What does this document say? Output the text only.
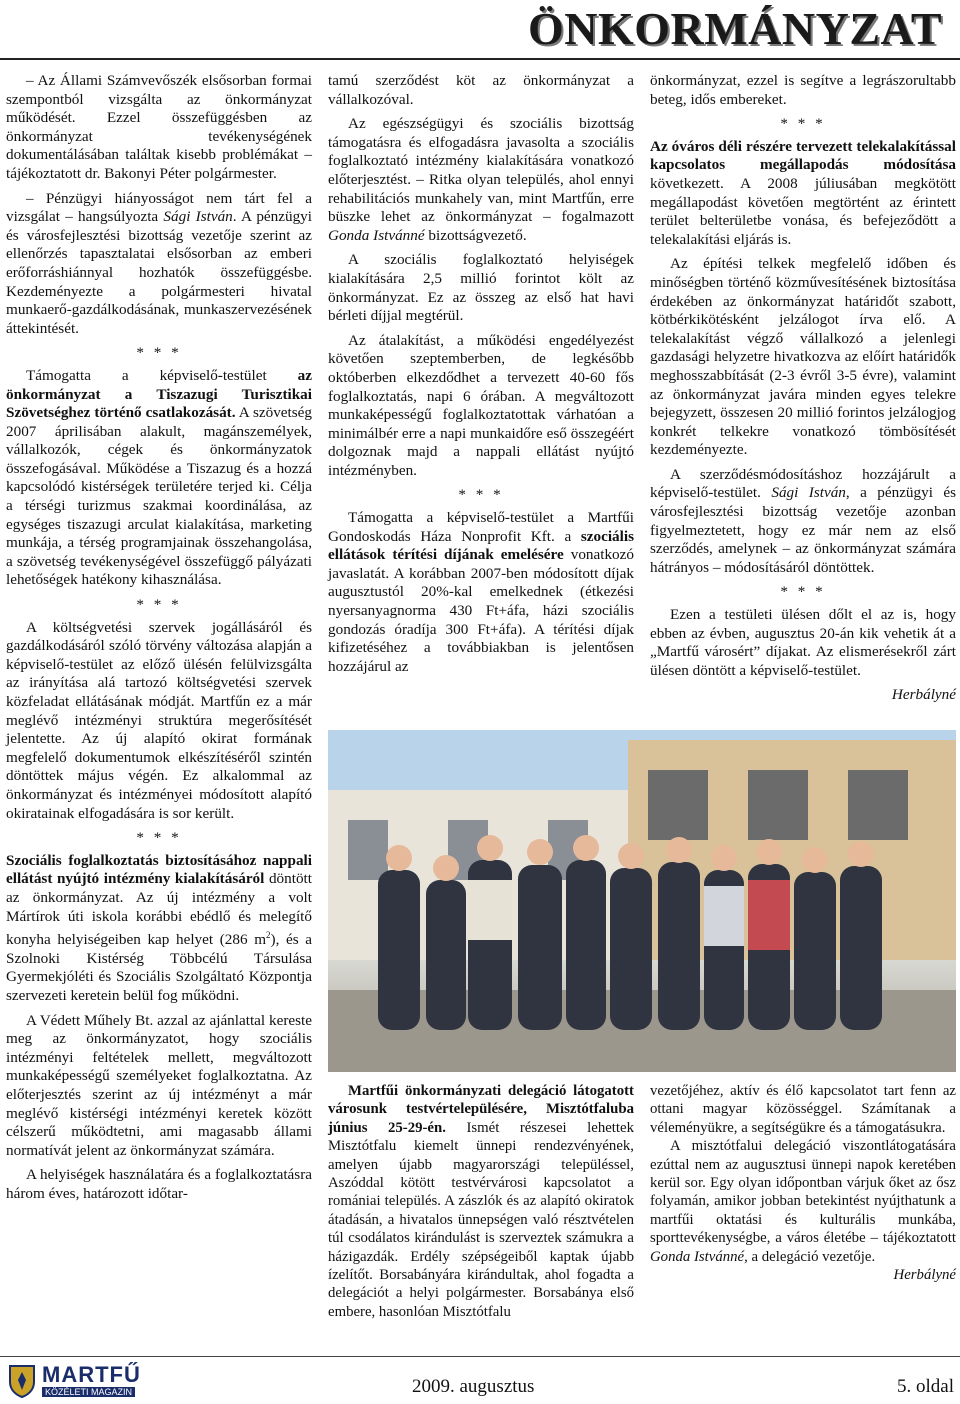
ÖNKORMÁNYZAT

– Az Állami Számvevőszék elsősorban formai szempontból vizsgálta az önkormányzat működését. Ezzel összefüggésben az önkormányzat tevékenységének dokumentálásában találtak kisebb problémákat – tájékoztatott dr. Bakonyi Péter polgármester.

– Pénzügyi hiányosságot nem tárt fel a vizsgálat – hangsúlyozta Sági István. A pénzügyi és városfejlesztési bizottság vezetője szerint az ellenőrzés tapasztalatai elsősorban az emberi erőforráshiánnyal hozhatók összefüggésbe. Kezdeményezte a polgármesteri hivatal munkaerő-gazdálkodásának, munkaszervezésének áttekintését.

* * *

Támogatta a képviselő-testület az önkormányzat a Tiszazugi Turisztikai Szövetséghez történő csatlakozását. A szövetség 2007 áprilisában alakult, magánszemélyek, vállalkozók, cégek és önkormányzatok összefogásával. Működése a Tiszazug és a hozzá kapcsolódó kistérségek területére terjed ki. Célja a térségi turizmus szakmai koordinálása, az egységes tiszazugi arculat kialakítása, marketing munkája, a térség programjainak összehangolása, a szövetség tevékenységével összefüggő pályázati lehetőségek hatékony kihasználása.

* * *

A költségvetési szervek jogállásáról és gazdálkodásáról szóló törvény változása alapján a képviselő-testület az előző ülésén felülvizsgálta az irányítása alá tartozó költségvetési szervek közfeladat ellátásának módját. Martfűn ez a már meglévő intézményi struktúra megerősítését jelentette. Az új alapító okirat formának megfelelő dokumentumok elkészítéséről szintén döntöttek május végén. Ez alkalommal az önkormányzat és intézményei módosított alapító okiratainak elfogadására is sor került.

* * *

Szociális foglalkoztatás biztosításához nappali ellátást nyújtó intézmény kialakításáról döntött az önkormányzat. Az új intézmény a volt Mártírok úti iskola korábbi ebédlő és melegítő konyha helyiségeiben kap helyet (286 $m^2$), és a Szolnoki Kistérség Többcélú Társulása Gyermekjóléti és Szociális Szolgáltató Központja szervezeti keretein belül fog működni.

A Védett Műhely Bt. azzal az ajánlattal kereste meg az önkormányzatot, hogy szociális intézményi feltételek mellett, megváltozott munkaképességű személyeket foglalkoztatna. Az előterjesztés szerint az új intézményt a már meglévő kistérségi intézményi keretek között célszerű működtetni, ami magasabb állami normatívát jelent az önkormányzat számára.

A helyiségek használatára és a foglalkoztatásra három éves, határozott időtar-

tamú szerződést köt az önkormányzat a vállalkozóval.

Az egészségügyi és szociális bizottság támogatásra és elfogadásra javasolta a szociális foglalkoztató intézmény kialakítására vonatkozó előterjesztést. – Ritka olyan település, ahol ennyi rehabilitációs munkahely van, mint Martfűn, erre büszke lehet az önkormányzat – fogalmazott Gonda Istvánné bizottságvezető.

A szociális foglalkoztató helyiségek kialakítására 2,5 millió forintot költ az önkormányzat. Ez az összeg az első hat havi bérleti díjjal megtérül.

Az átalakítást, a működési engedélyezést követően szeptemberben, de legkésőbb októberben elkezdődhet a tervezett 40-60 fős foglalkoztatás, napi 6 órában. A megváltozott munkaképességű foglalkoztatottak várhatóan a minimálbér erre a napi munkaidőre eső összegéért dolgoznak majd a nappali ellátást nyújtó intézményben.

* * *

Támogatta a képviselő-testület a Martfűi Gondoskodás Háza Nonprofit Kft. a szociális ellátások térítési díjának emelésére vonatkozó javaslatát. A korábban 2007-ben módosított díjak augusztustól 20%-kal emelkednek (étkezési nyersanyagnorma 430 Ft+áfa, házi szociális gondozás óradíja 300 Ft+áfa). A térítési díjak kifizetéséhez a továbbiakban is jelentősen hozzájárul az

önkormányzat, ezzel is segítve a legrászorultabb beteg, idős embereket.

* * *

Az óváros déli részére tervezett telekalakítással kapcsolatos megállapodás módosítása következett. A 2008 júliusában megkötött megállapodást követően megtörtént az érintett terület belterületbe vonása, és befejeződött a telekalakítási eljárás is.

Az építési telkek megfelelő időben és minőségben történő közművesítésének biztosítása érdekében az önkormányzat határidőt szabott, kötbérkikötésként jelzálogot írva elő. A telekalakítást végző vállalkozó a jelenlegi gazdasági helyzetre hivatkozva az előírt határidők meghosszabbítását (2-3 évről 3-5 évre), valamint az önkormányzat javára minden egyes telekre bejegyzett, összesen 20 millió forintos jelzálogjog konkrét telkekre vonatkozó tömbösítését kezdeményezte.

A szerződésmódosításhoz hozzájárult a képviselő-testület. Sági István, a pénzügyi és városfejlesztési bizottság vezetője azonban figyelmeztetett, hogy ez már nem az első szerződés, amelynek – az önkormányzat számára hátrányos – módosításáról döntöttek.

* * *

Ezen a testületi ülésen dőlt el az is, hogy ebben az évben, augusztus 20-án kik vehetik át a „Martfű városért” díjakat. Az elismerésekről zárt ülésen döntött a képviselő-testület.

Herbályné

Martfűi önkormányzati delegáció látogatott városunk testvértelepülésére, Misztótfaluba június 25-29-én. Ismét részesei lehettek Misztótfalu kiemelt ünnepi rendezvényének, amelyen újabb magyarországi településsel, Aszóddal kötött testvérvárosi kapcsolatot a romániai település. A zászlók és az alapító okiratok átadásán, a hivatalos ünnepségen való résztvételen túl csodálatos kirándulást is szerveztek számukra a házigazdák. Erdély szépségeiből kaptak újabb ízelítőt. Borsabányára kirándultak, ahol fogadta a delegációt a helyi polgármester. Borsabánya első embere, hasonlóan Misztótfalu

vezetőjéhez, aktív és élő kapcsolatot tart fenn az ottani magyar közösséggel. Számítanak a véleményükre, a segítségükre és a támogatásukra.

A misztótfalui delegáció viszontlátogatására ezúttal nem az augusztusi ünnepi napok keretében kerül sor. Egy olyan időpontban várjuk őket az ősz folyamán, amikor jobban betekintést nyújthatunk a martfűi oktatási és kulturális munkába, sporttevékenységbe, a város életébe – tájékoztatott Gonda Istvánné, a delegáció vezetője.

Herbályné
MARTFŰ
KÖZÉLETI MAGAZIN	2009. augusztus	5. oldal
